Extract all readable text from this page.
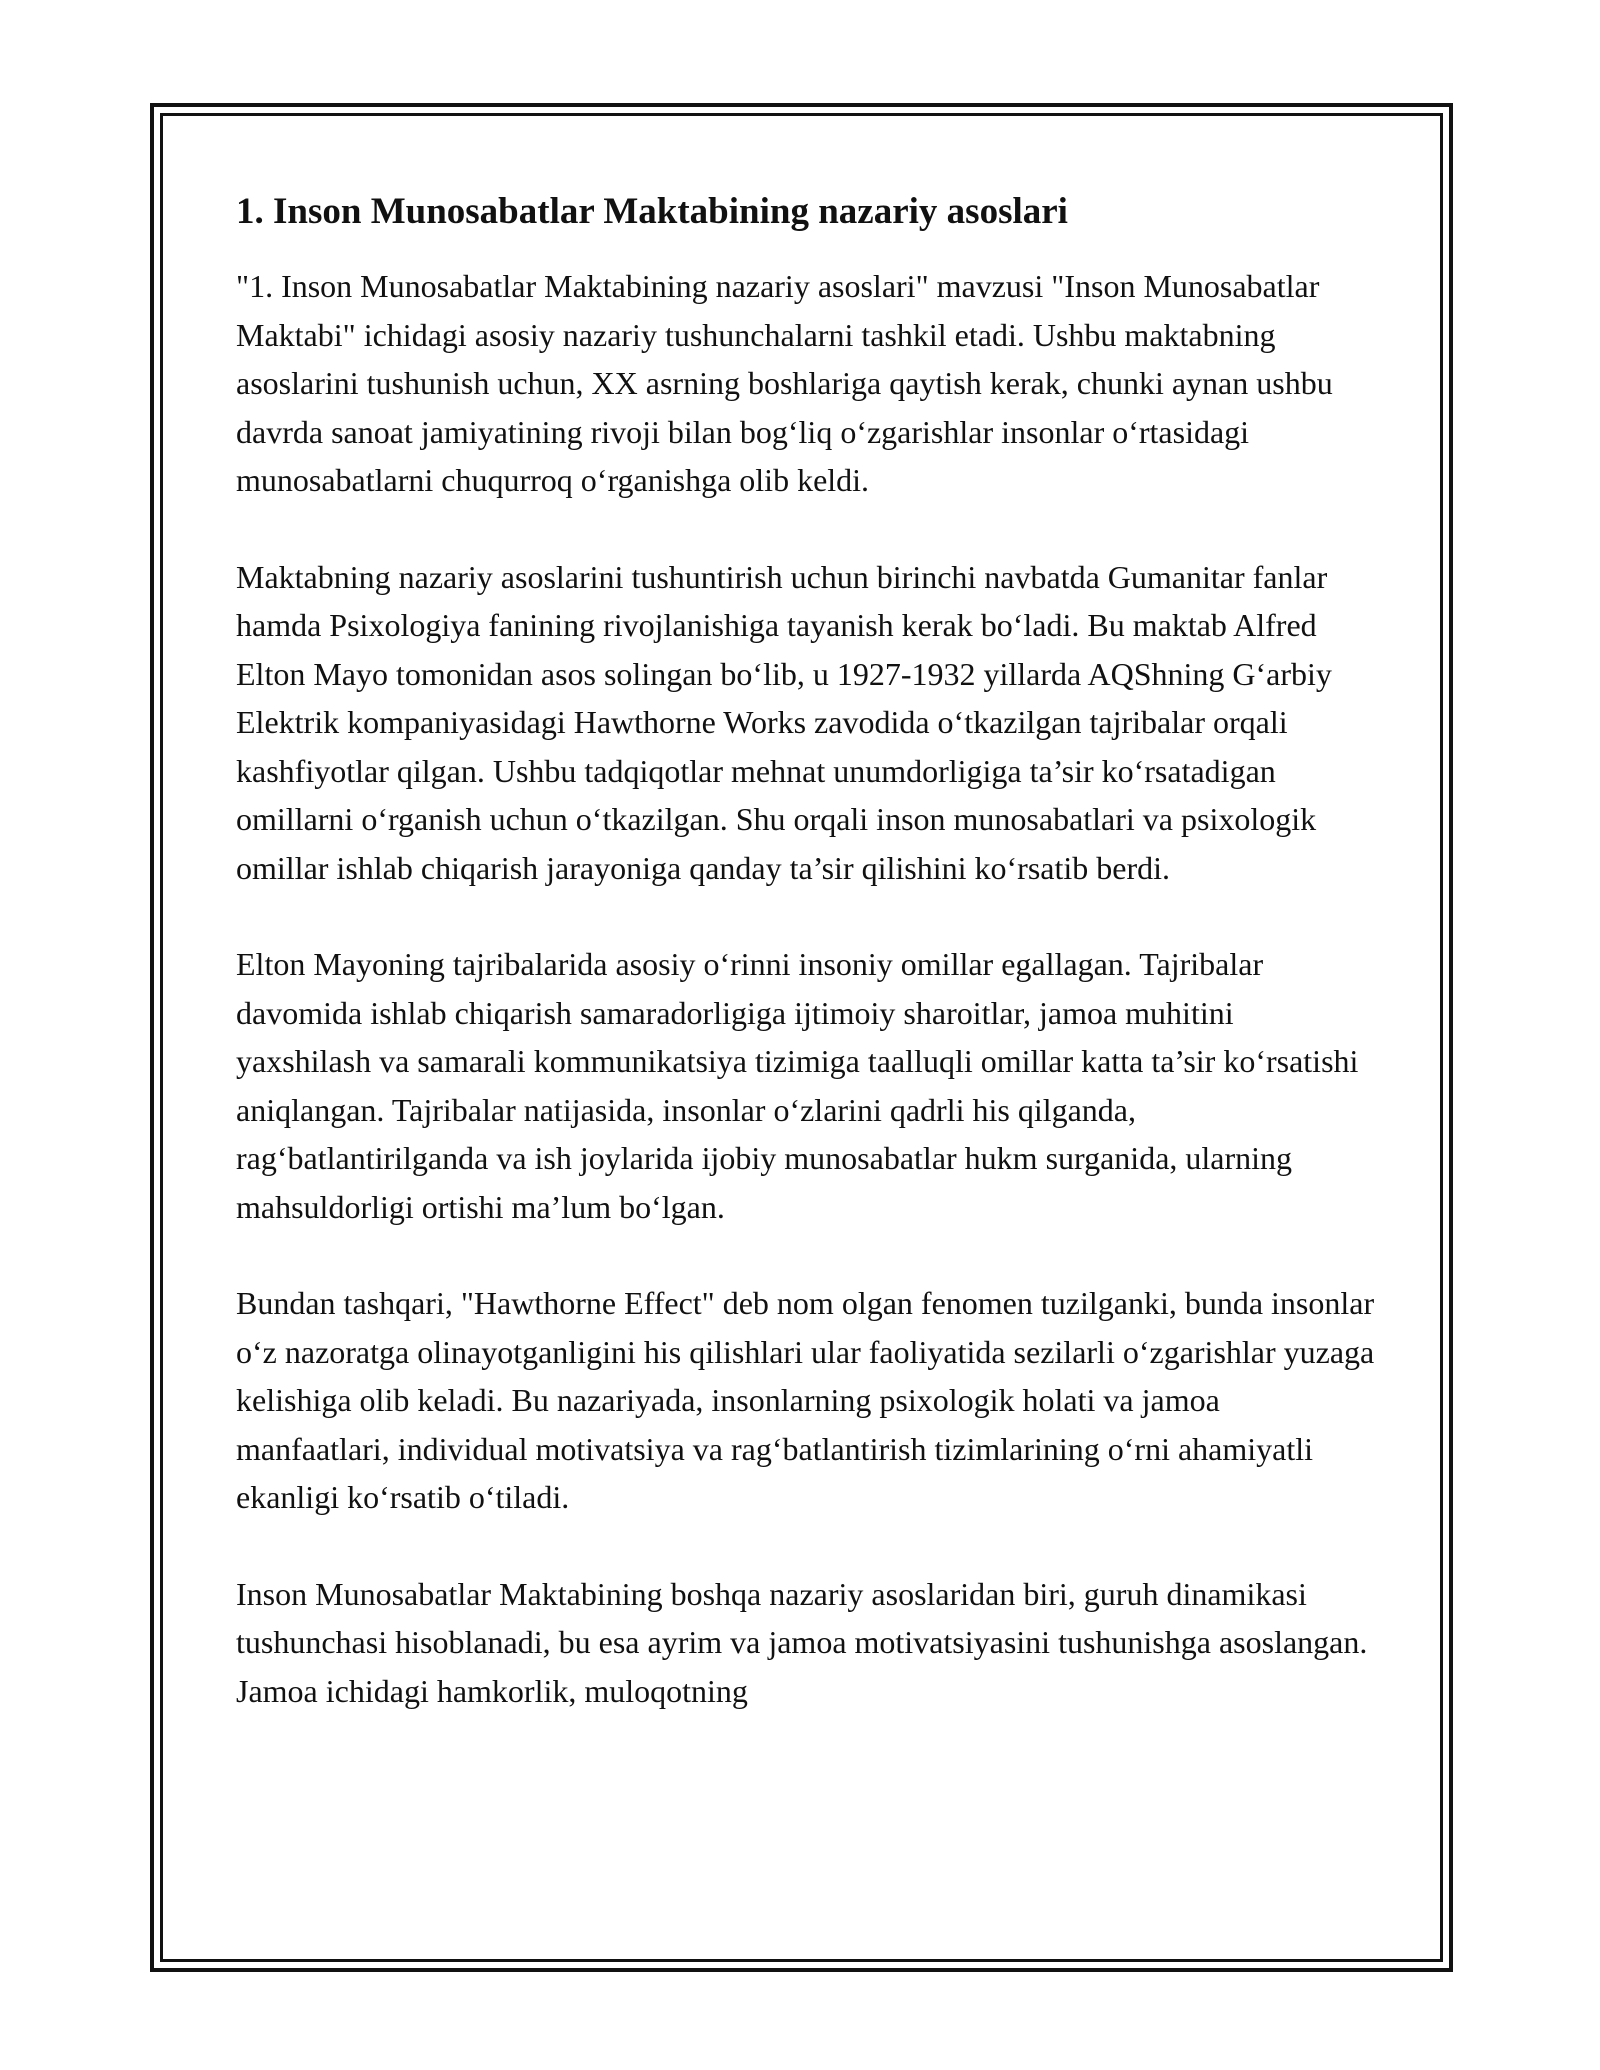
1. Inson Munosabatlar Maktabining nazariy asoslari

"1. Inson Munosabatlar Maktabining nazariy asoslari" mavzusi "Inson Munosabatlar Maktabi" ichidagi asosiy nazariy tushunchalarni tashkil etadi. Ushbu maktabning asoslarini tushunish uchun, XX asrning boshlariga qaytish kerak, chunki aynan ushbu davrda sanoat jamiyatining rivoji bilan bog‘liq o‘zgarishlar insonlar o‘rtasidagi munosabatlarni chuqurroq o‘rganishga olib keldi.

Maktabning nazariy asoslarini tushuntirish uchun birinchi navbatda Gumanitar fanlar hamda Psixologiya fanining rivojlanishiga tayanish kerak bo‘ladi. Bu maktab Alfred Elton Mayo tomonidan asos solingan bo‘lib, u 1927-1932 yillarda AQShning G‘arbiy Elektrik kompaniyasidagi Hawthorne Works zavodida o‘tkazilgan tajribalar orqali kashfiyotlar qilgan. Ushbu tadqiqotlar mehnat unumdorligiga ta’sir ko‘rsatadigan omillarni o‘rganish uchun o‘tkazilgan. Shu orqali inson munosabatlari va psixologik omillar ishlab chiqarish jarayoniga qanday ta’sir qilishini ko‘rsatib berdi.

Elton Mayoning tajribalarida asosiy o‘rinni insoniy omillar egallagan. Tajribalar davomida ishlab chiqarish samaradorligiga ijtimoiy sharoitlar, jamoa muhitini yaxshilash va samarali kommunikatsiya tizimiga taalluqli omillar katta ta’sir ko‘rsatishi aniqlangan. Tajribalar natijasida, insonlar o‘zlarini qadrli his qilganda, rag‘batlantirilganda va ish joylarida ijobiy munosabatlar hukm surganida, ularning mahsuldorligi ortishi ma’lum bo‘lgan.

Bundan tashqari, "Hawthorne Effect" deb nom olgan fenomen tuzilganki, bunda insonlar o‘z nazoratga olinayotganligini his qilishlari ular faoliyatida sezilarli o‘zgarishlar yuzaga kelishiga olib keladi. Bu nazariyada, insonlarning psixologik holati va jamoa manfaatlari, individual motivatsiya va rag‘batlantirish tizimlarining o‘rni ahamiyatli ekanligi ko‘rsatib o‘tiladi.

Inson Munosabatlar Maktabining boshqa nazariy asoslaridan biri, guruh dinamikasi tushunchasi hisoblanadi, bu esa ayrim va jamoa motivatsiyasini tushunishga asoslangan. Jamoa ichidagi hamkorlik, muloqotning
